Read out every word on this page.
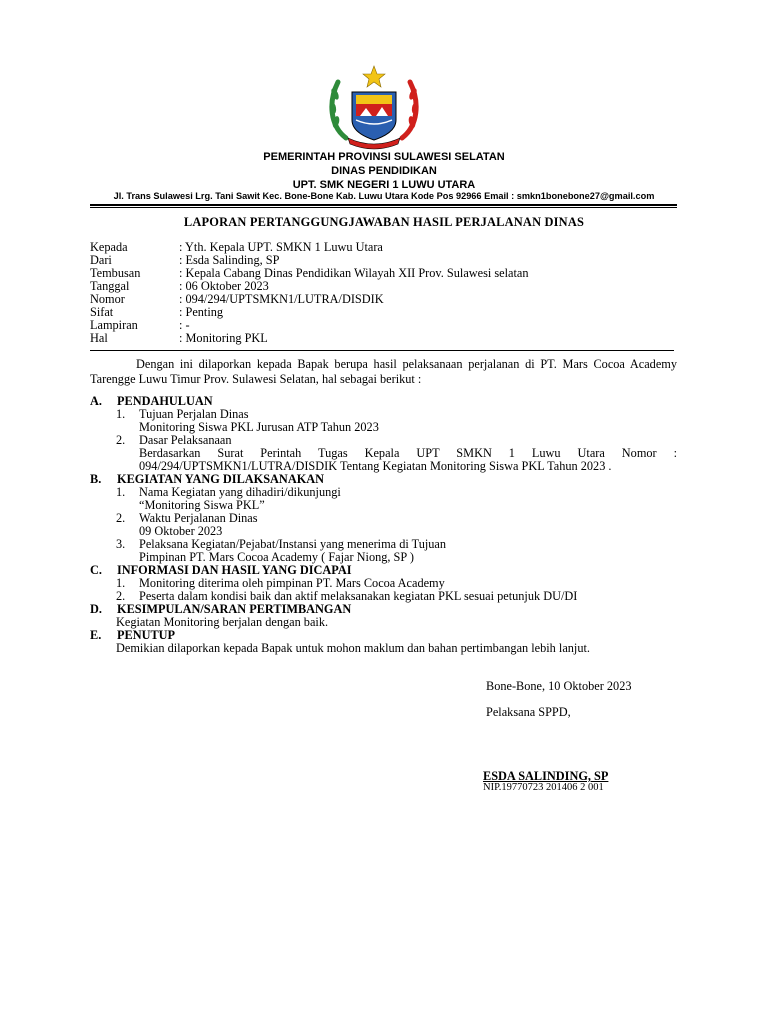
PEMERINTAH PROVINSI SULAWESI SELATAN
DINAS PENDIDIKAN
UPT. SMK NEGERI 1 LUWU UTARA
Jl. Trans Sulawesi Lrg. Tani Sawit Kec. Bone-Bone Kab. Luwu Utara Kode Pos 92966 Email : smkn1bonebone27@gmail.com
LAPORAN PERTANGGUNGJAWABAN HASIL PERJALANAN DINAS
Kepada	: Yth. Kepala UPT. SMKN 1 Luwu Utara
Dari	: Esda Salinding, SP
Tembusan	: Kepala Cabang Dinas Pendidikan Wilayah XII Prov. Sulawesi selatan
Tanggal	: 06 Oktober 2023
Nomor	: 094/294/UPTSMKN1/LUTRA/DISDIK
Sifat	: Penting
Lampiran	: -
Hal	: Monitoring PKL
Dengan ini dilaporkan kepada Bapak berupa hasil pelaksanaan perjalanan di PT. Mars Cocoa Academy Tarengge Luwu Timur Prov. Sulawesi Selatan, hal sebagai berikut :
A. PENDAHULUAN
1. Tujuan Perjalan Dinas
Monitoring Siswa PKL Jurusan ATP Tahun 2023
2. Dasar Pelaksanaan
Berdasarkan Surat Perintah Tugas Kepala UPT SMKN 1 Luwu Utara Nomor :
094/294/UPTSMKN1/LUTRA/DISDIK Tentang Kegiatan Monitoring Siswa PKL Tahun 2023 .
B. KEGIATAN YANG DILAKSANAKAN
1. Nama Kegiatan yang dihadiri/dikunjungi
“Monitoring Siswa PKL”
2. Waktu Perjalanan Dinas
09 Oktober 2023
3. Pelaksana Kegiatan/Pejabat/Instansi yang menerima di Tujuan
Pimpinan PT. Mars Cocoa Academy ( Fajar Niong, SP )
C. INFORMASI DAN HASIL YANG DICAPAI
1. Monitoring diterima oleh pimpinan PT. Mars Cocoa Academy
2. Peserta dalam kondisi baik dan aktif melaksanakan kegiatan PKL sesuai petunjuk DU/DI
D. KESIMPULAN/SARAN PERTIMBANGAN
Kegiatan Monitoring berjalan dengan baik.
E. PENUTUP
Demikian dilaporkan kepada Bapak untuk mohon maklum dan bahan pertimbangan lebih lanjut.
Bone-Bone, 10 Oktober 2023
Pelaksana SPPD,
ESDA SALINDING, SP
NIP.19770723 201406 2 001
